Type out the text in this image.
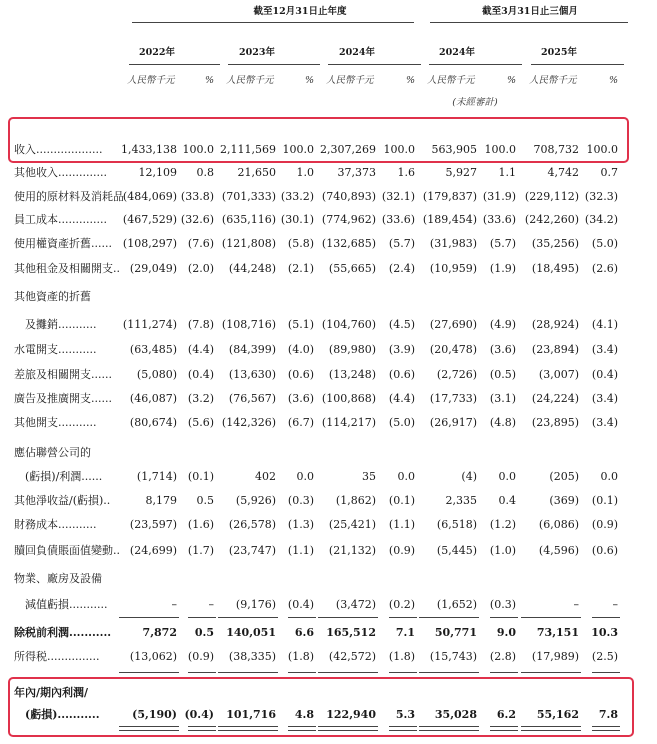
截至12月31日止年度	截至3月31日止三個月
2022年	2023年	2024年	2024年	2025年
人民幣千元	% 人民幣千元	% 人民幣千元	% 人民幣千元	% 人民幣千元	%
(未經審計)
收入...................	1,433,138 100.0 2,111,569 100.0 2,307,269 100.0	563,905 100.0	708,732 100.0
其他收入..............	12,109	0.8	21,650	1.0	37,373	1.6	5,927	1.1	4,742	0.7
使用的原材料及消耗品
(484,069) (33.8) (701,333) (33.2) (740,893) (32.1) (179,837) (31.9) (229,112) (32.3)
員工成本..............	(467,529) (32.6) (635,116) (30.1) (774,962) (33.6) (189,454) (33.6) (242,260) (34.2)
使用權資產折舊...... (108,297) (7.6) (121,808)	(5.8) (132,685)	(5.7)	(31,983)	(5.7)	(35,256)	(5.0)
其他租金及相關開支.. (29,049) (2.0)	(44,248)	(2.1)	(55,665)	(2.4)	(10,959)	(1.9)	(18,495)	(2.6)
其他資產的折舊
　及攤銷...........	(111,274) (7.8) (108,716)	(5.1) (104,760)	(4.5)	(27,690)	(4.9)	(28,924)	(4.1)
水電開支...........	(63,485) (4.4)	(84,399)	(4.0)	(89,980)	(3.9)	(20,478)	(3.6)	(23,894)	(3.4)
差旅及相關開支......	(5,080) (0.4)	(13,630)	(0.6)	(13,248)	(0.6)	(2,726)	(0.5)	(3,007)	(0.4)
廣告及推廣開支......	(46,087) (3.2)	(76,567)	(3.6) (100,868)	(4.4)	(17,733)	(3.1)	(24,224)	(3.4)
其他開支...........	(80,674) (5.6) (142,326)	(6.7) (114,217)	(5.0)	(26,917)	(4.8)	(23,895)	(3.4)
應佔聯營公司的
　(虧損)/利潤......	(1,714) (0.1)	402	0.0	35	0.0	(4)	0.0	(205)	0.0
其他淨收益/(虧損)..	8,179	0.5	(5,926)	(0.3)	(1,862)	(0.1)	2,335	0.4	(369)	(0.1)
財務成本...........	(23,597) (1.6)	(26,578)	(1.3)	(25,421)	(1.1)	(6,518)	(1.2)	(6,086)	(0.9)
贖回負債賬面值變動.. (24,699) (1.7)	(23,747)	(1.1)	(21,132)	(0.9)	(5,445)	(1.0)	(4,596)	(0.6)
物業、廠房及設備
　減值虧損...........	–	–	(9,176)	(0.4)	(3,472)	(0.2)	(1,652)	(0.3)	–	–
除税前利潤...........	7,872	0.5	140,051	6.6	165,512	7.1	50,771	9.0	73,151	10.3
所得税...............	(13,062) (0.9)	(38,335)	(1.8)	(42,572)	(1.8)	(15,743)	(2.8)	(17,989)	(2.5)
年內/期內利潤/
　(虧損)...........	(5,190) (0.4)	101,716	4.8	122,940	5.3	35,028	6.2	55,162	7.8
